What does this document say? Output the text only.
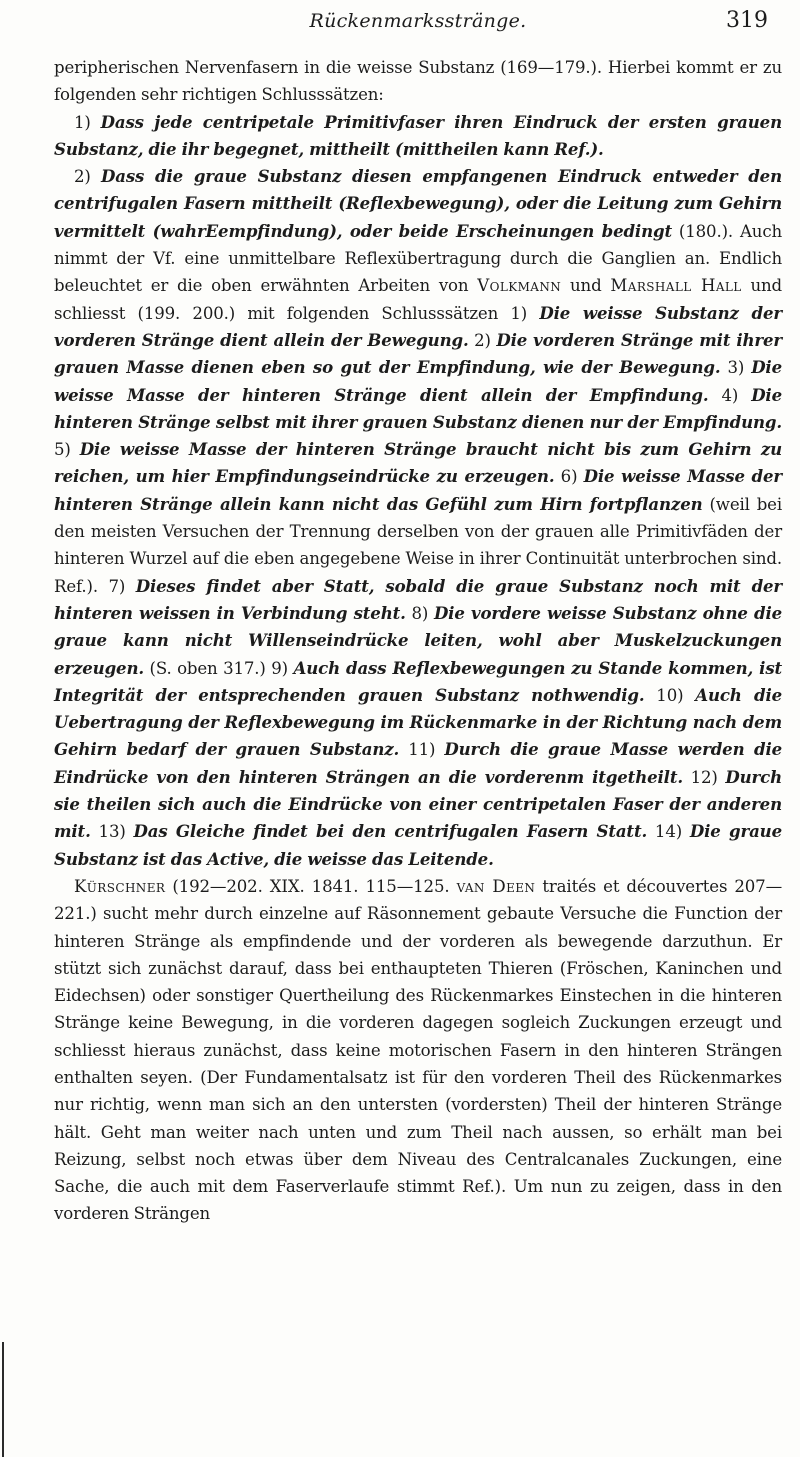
Rückenmarksstränge.	319

peripherischen Nervenfasern in die weisse Substanz (169—179.). Hierbei kommt er zu folgenden sehr richtigen Schlusssätzen:

1) Dass jede centripetale Primitivfaser ihren Eindruck der ersten grauen Substanz, die ihr begegnet, mittheilt (mittheilen kann Ref.).

2) Dass die graue Substanz diesen empfangenen Eindruck entweder den centrifugalen Fasern mittheilt (Reflexbewegung), oder die Leitung zum Gehirn vermittelt (wahrEempfindung), oder beide Erscheinungen bedingt (180.). Auch nimmt der Vf. eine unmittelbare Reflexübertragung durch die Ganglien an. Endlich beleuchtet er die oben erwähnten Arbeiten von Volkmann und Marshall Hall und schliesst (199. 200.) mit folgenden Schlusssätzen 1) Die weisse Substanz der vorderen Stränge dient allein der Bewegung. 2) Die vorderen Stränge mit ihrer grauen Masse dienen eben so gut der Empfindung, wie der Bewegung. 3) Die weisse Masse der hinteren Stränge dient allein der Empfindung. 4) Die hinteren Stränge selbst mit ihrer grauen Substanz dienen nur der Empfindung. 5) Die weisse Masse der hinteren Stränge braucht nicht bis zum Gehirn zu reichen, um hier Empfindungseindrücke zu erzeugen. 6) Die weisse Masse der hinteren Stränge allein kann nicht das Gefühl zum Hirn fortpflanzen (weil bei den meisten Versuchen der Trennung derselben von der grauen alle Primitivfäden der hinteren Wurzel auf die eben angegebene Weise in ihrer Continuität unterbrochen sind. Ref.). 7) Dieses findet aber Statt, sobald die graue Substanz noch mit der hinteren weissen in Verbindung steht. 8) Die vordere weisse Substanz ohne die graue kann nicht Willenseindrücke leiten, wohl aber Muskelzuckungen erzeugen. (S. oben 317.) 9) Auch dass Reflexbewegungen zu Stande kommen, ist Integrität der entsprechenden grauen Substanz nothwendig. 10) Auch die Uebertragung der Reflexbewegung im Rückenmarke in der Richtung nach dem Gehirn bedarf der grauen Substanz. 11) Durch die graue Masse werden die Eindrücke von den hinteren Strängen an die vorderenm itgetheilt. 12) Durch sie theilen sich auch die Eindrücke von einer centripetalen Faser der anderen mit. 13) Das Gleiche findet bei den centrifugalen Fasern Statt. 14) Die graue Substanz ist das Active, die weisse das Leitende.

Kürschner (192—202. XIX. 1841. 115—125. van Deen traités et découvertes 207—221.) sucht mehr durch einzelne auf Räsonnement gebaute Versuche die Function der hinteren Stränge als empfindende und der vorderen als bewegende darzuthun. Er stützt sich zunächst darauf, dass bei enthaupteten Thieren (Fröschen, Kaninchen und Eidechsen) oder sonstiger Quertheilung des Rückenmarkes Einstechen in die hinteren Stränge keine Bewegung, in die vorderen dagegen sogleich Zuckungen erzeugt und schliesst hieraus zunächst, dass keine motorischen Fasern in den hinteren Strängen enthalten seyen. (Der Fundamentalsatz ist für den vorderen Theil des Rückenmarkes nur richtig, wenn man sich an den untersten (vordersten) Theil der hinteren Stränge hält. Geht man weiter nach unten und zum Theil nach aussen, so erhält man bei Reizung, selbst noch etwas über dem Niveau des Centralcanales Zuckungen, eine Sache, die auch mit dem Faserverlaufe stimmt Ref.). Um nun zu zeigen, dass in den vorderen Strängen
